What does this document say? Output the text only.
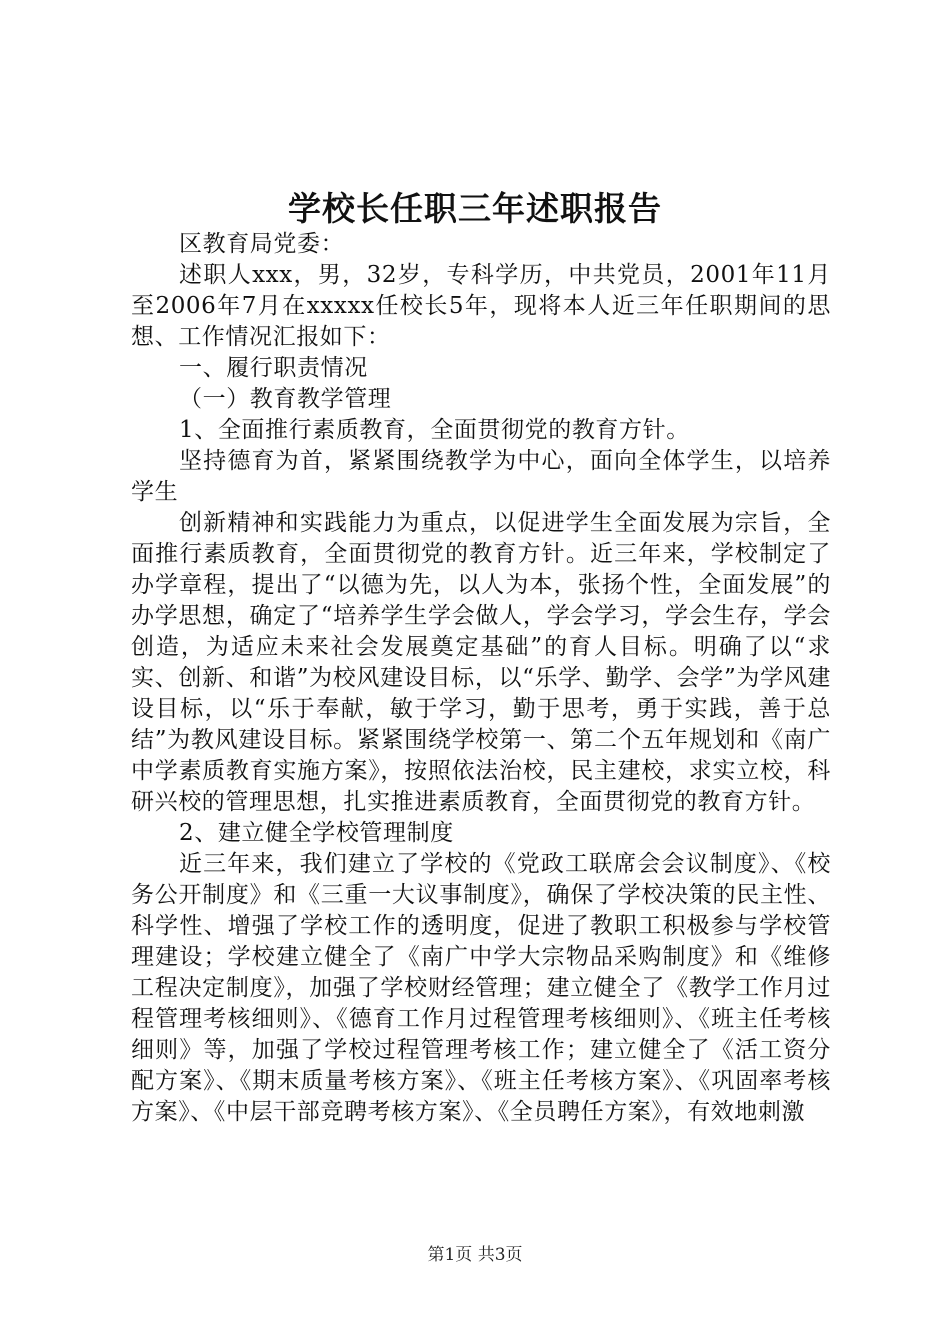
学校长任职三年述职报告

区教育局党委：

述职人xxx，男，32岁，专科学历，中共党员，2001年11月至2006年7月在xxxxx任校长5年，现将本人近三年任职期间的思想、工作情况汇报如下：

一、履行职责情况

（一）教育教学管理

1、全面推行素质教育，全面贯彻党的教育方针。

坚持德育为首，紧紧围绕教学为中心，面向全体学生，以培养学生

创新精神和实践能力为重点，以促进学生全面发展为宗旨，全面推行素质教育，全面贯彻党的教育方针。近三年来，学校制定了办学章程，提出了“以德为先，以人为本，张扬个性，全面发展”的办学思想，确定了“培养学生学会做人，学会学习，学会生存，学会创造，为适应未来社会发展奠定基础”的育人目标。明确了以“求实、创新、和谐”为校风建设目标，以“乐学、勤学、会学”为学风建设目标，以“乐于奉献，敏于学习，勤于思考，勇于实践，善于总结”为教风建设目标。紧紧围绕学校第一、第二个五年规划和《南广中学素质教育实施方案》，按照依法治校，民主建校，求实立校，科研兴校的管理思想，扎实推进素质教育，全面贯彻党的教育方针。

2、建立健全学校管理制度

近三年来，我们建立了学校的《党政工联席会会议制度》、《校务公开制度》和《三重一大议事制度》，确保了学校决策的民主性、科学性、增强了学校工作的透明度，促进了教职工积极参与学校管理建设；学校建立健全了《南广中学大宗物品采购制度》和《维修工程决定制度》，加强了学校财经管理；建立健全了《教学工作月过程管理考核细则》、《德育工作月过程管理考核细则》、《班主任考核细则》等，加强了学校过程管理考核工作；建立健全了《活工资分配方案》、《期末质量考核方案》、《班主任考核方案》、《巩固率考核方案》、《中层干部竞聘考核方案》、《全员聘任方案》，有效地刺激

第1页 共3页
